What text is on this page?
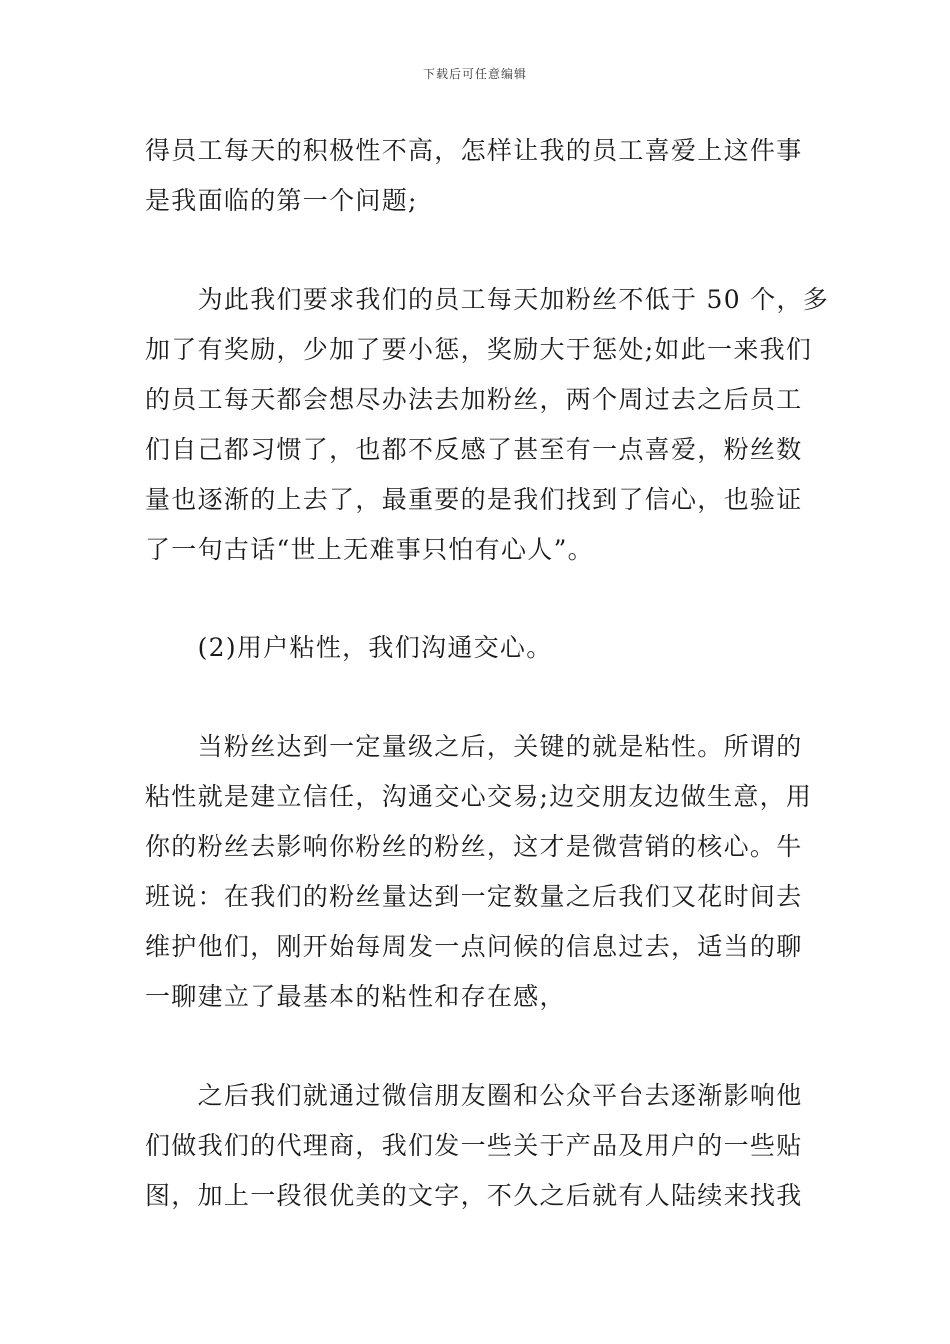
下载后可任意编辑
得员工每天的积极性不高，怎样让我的员工喜爱上这件事
是我面临的第一个问题;
　　为此我们要求我们的员工每天加粉丝不低于 50 个，多
加了有奖励，少加了要小惩，奖励大于惩处;如此一来我们
的员工每天都会想尽办法去加粉丝，两个周过去之后员工
们自己都习惯了，也都不反感了甚至有一点喜爱，粉丝数
量也逐渐的上去了，最重要的是我们找到了信心，也验证
了一句古话“世上无难事只怕有心人”。
　　(2)用户粘性，我们沟通交心。
　　当粉丝达到一定量级之后，关键的就是粘性。所谓的
粘性就是建立信任，沟通交心交易;边交朋友边做生意，用
你的粉丝去影响你粉丝的粉丝，这才是微营销的核心。牛
班说：在我们的粉丝量达到一定数量之后我们又花时间去
维护他们，刚开始每周发一点问候的信息过去，适当的聊
一聊建立了最基本的粘性和存在感，
　　之后我们就通过微信朋友圈和公众平台去逐渐影响他
们做我们的代理商，我们发一些关于产品及用户的一些贴
图，加上一段很优美的文字，不久之后就有人陆续来找我
